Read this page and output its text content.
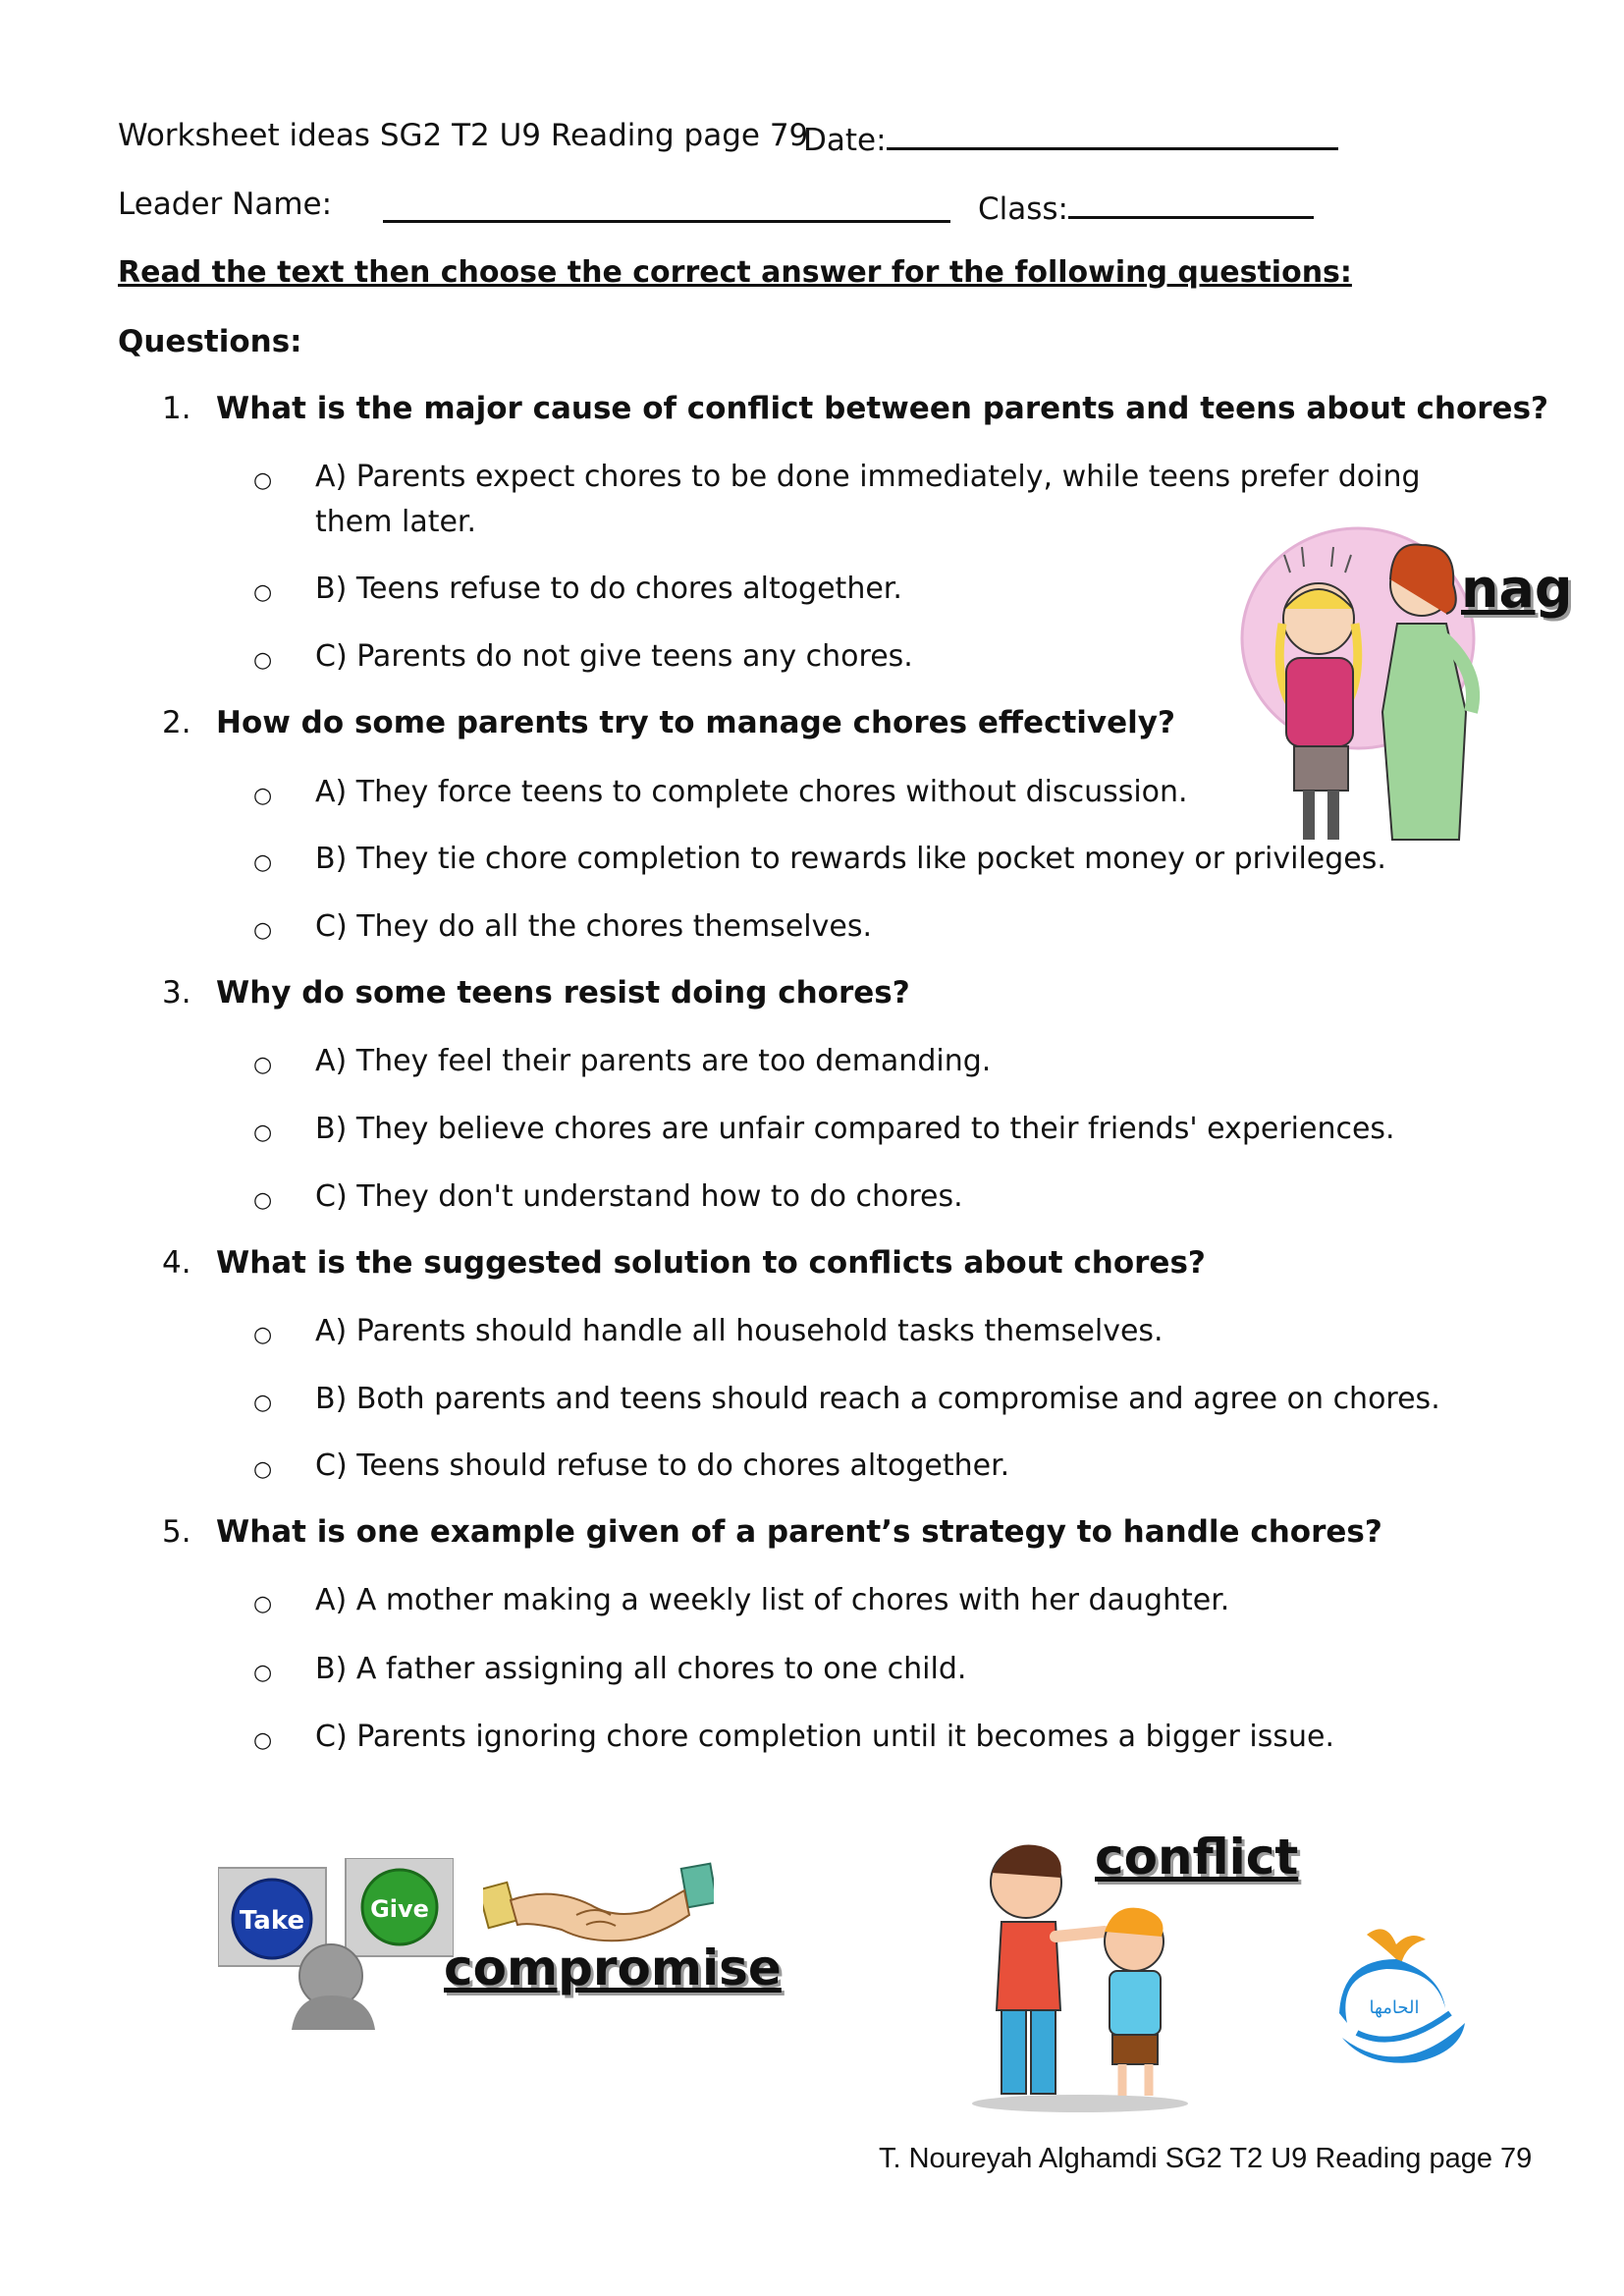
Worksheet ideas SG2 T2 U9 Reading page 79
Date:
Leader Name:	Class:
Read the text then choose the correct answer for the following questions:
Questions:
1. What is the major cause of conflict between parents and teens about chores?
○	A) Parents expect chores to be done immediately, while teens prefer doing them later.
○	B) Teens refuse to do chores altogether.
○	C) Parents do not give teens any chores.
2. How do some parents try to manage chores effectively?
○	A) They force teens to complete chores without discussion.
○	B) They tie chore completion to rewards like pocket money or privileges.
○	C) They do all the chores themselves.
3. Why do some teens resist doing chores?
○	A) They feel their parents are too demanding.
○	B) They believe chores are unfair compared to their friends' experiences.
○	C) They don't understand how to do chores.
4. What is the suggested solution to conflicts about chores?
○	A) Parents should handle all household tasks themselves.
○	B) Both parents and teens should reach a compromise and agree on chores.
○	C) Teens should refuse to do chores altogether.
5. What is one example given of a parent’s strategy to handle chores?
○	A) A mother making a weekly list of chores with her daughter.
○	B) A father assigning all chores to one child.
○	C) Parents ignoring chore completion until it becomes a bigger issue.
nag
Take	Give
compromise
conflict
الحامها
T. Noureyah Alghamdi SG2 T2 U9 Reading page 79
